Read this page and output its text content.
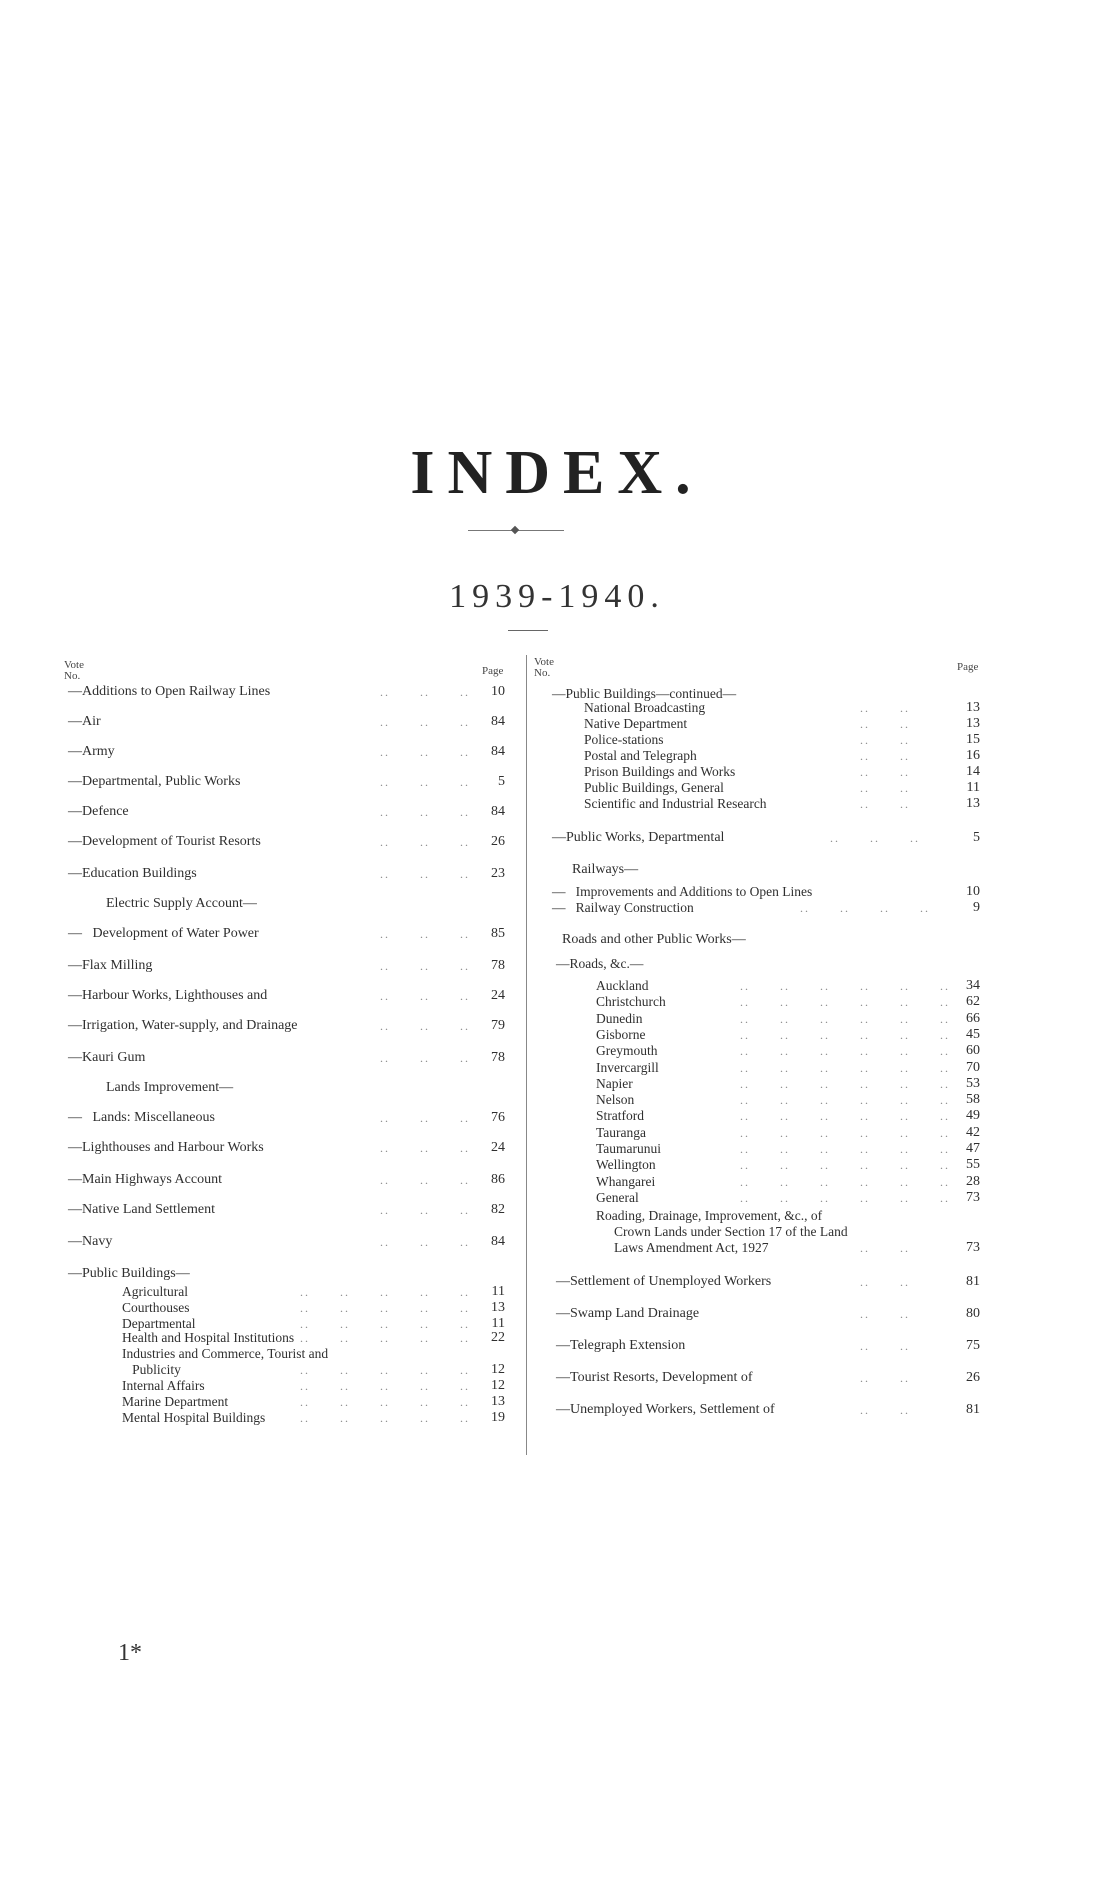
INDEX.
1939-1940.
Vote
No.	Page
Vote
No.	Page
—Additions to Open Railway Lines	..      ..      ..	10
—Air	..      ..      ..	84
—Army	..      ..      ..	84
—Departmental, Public Works	..      ..      ..	5
—Defence	..      ..      ..	84
—Development of Tourist Resorts	..      ..      ..	26
—Education Buildings	..      ..      ..	23
Electric Supply Account—
—   Development of Water Power	..      ..      ..	85
—Flax Milling	..      ..      ..	78
—Harbour Works, Lighthouses and	..      ..      ..	24
—Irrigation, Water-supply, and Drainage	..      ..      ..	79
—Kauri Gum	..      ..      ..	78
Lands Improvement—
—   Lands: Miscellaneous	..      ..      ..	76
—Lighthouses and Harbour Works	..      ..      ..	24
—Main Highways Account	..      ..      ..	86
—Native Land Settlement	..      ..      ..	82
—Navy	..      ..      ..	84
—Public Buildings—
Agricultural	..      ..      ..      ..      ..	11
Courthouses	..      ..      ..      ..      ..	13
Departmental	..      ..      ..      ..      ..	11
Health and Hospital Institutions ..      ..      ..      ..      ..	22
Industries and Commerce, Tourist and
Publicity	..      ..      ..      ..      ..	12
Internal Affairs	..      ..      ..      ..      ..	12
Marine Department	..      ..      ..      ..      ..	13
Mental Hospital Buildings	..      ..      ..      ..      ..	19
—Public Buildings—continued—
National Broadcasting	..      ..	13
Native Department	..      ..	13
Police-stations	..      ..	15
Postal and Telegraph	..      ..	16
Prison Buildings and Works	..      ..	14
Public Buildings, General	..      ..	11
Scientific and Industrial Research	..      ..	13
—Public Works, Departmental	..      ..      ..	5
Railways—
—   Improvements and Additions to Open Lines	10
—   Railway Construction	..      ..      ..      ..	9
Roads and other Public Works—
—Roads, &c.—
Auckland	..      ..      ..      ..      ..      ..	34
Christchurch	..      ..      ..      ..      ..      ..	62
Dunedin	..      ..      ..      ..      ..      ..	66
Gisborne	..      ..      ..      ..      ..      ..	45
Greymouth	..      ..      ..      ..      ..      ..	60
Invercargill	..      ..      ..      ..      ..      ..	70
Napier	..      ..      ..      ..      ..      ..	53
Nelson	..      ..      ..      ..      ..      ..	58
Stratford	..      ..      ..      ..      ..      ..	49
Tauranga	..      ..      ..      ..      ..      ..	42
Taumarunui	..      ..      ..      ..      ..      ..	47
Wellington	..      ..      ..      ..      ..      ..	55
Whangarei	..      ..      ..      ..      ..      ..	28
General	..      ..      ..      ..      ..      ..	73
Roading, Drainage, Improvement, &c., of
Crown Lands under Section 17 of the Land
Laws Amendment Act, 1927	..      ..	73
—Settlement of Unemployed Workers	..      ..	81
—Swamp Land Drainage	..      ..	80
—Telegraph Extension	..      ..	75
—Tourist Resorts, Development of	..      ..	26
—Unemployed Workers, Settlement of	..      ..	81
1*
